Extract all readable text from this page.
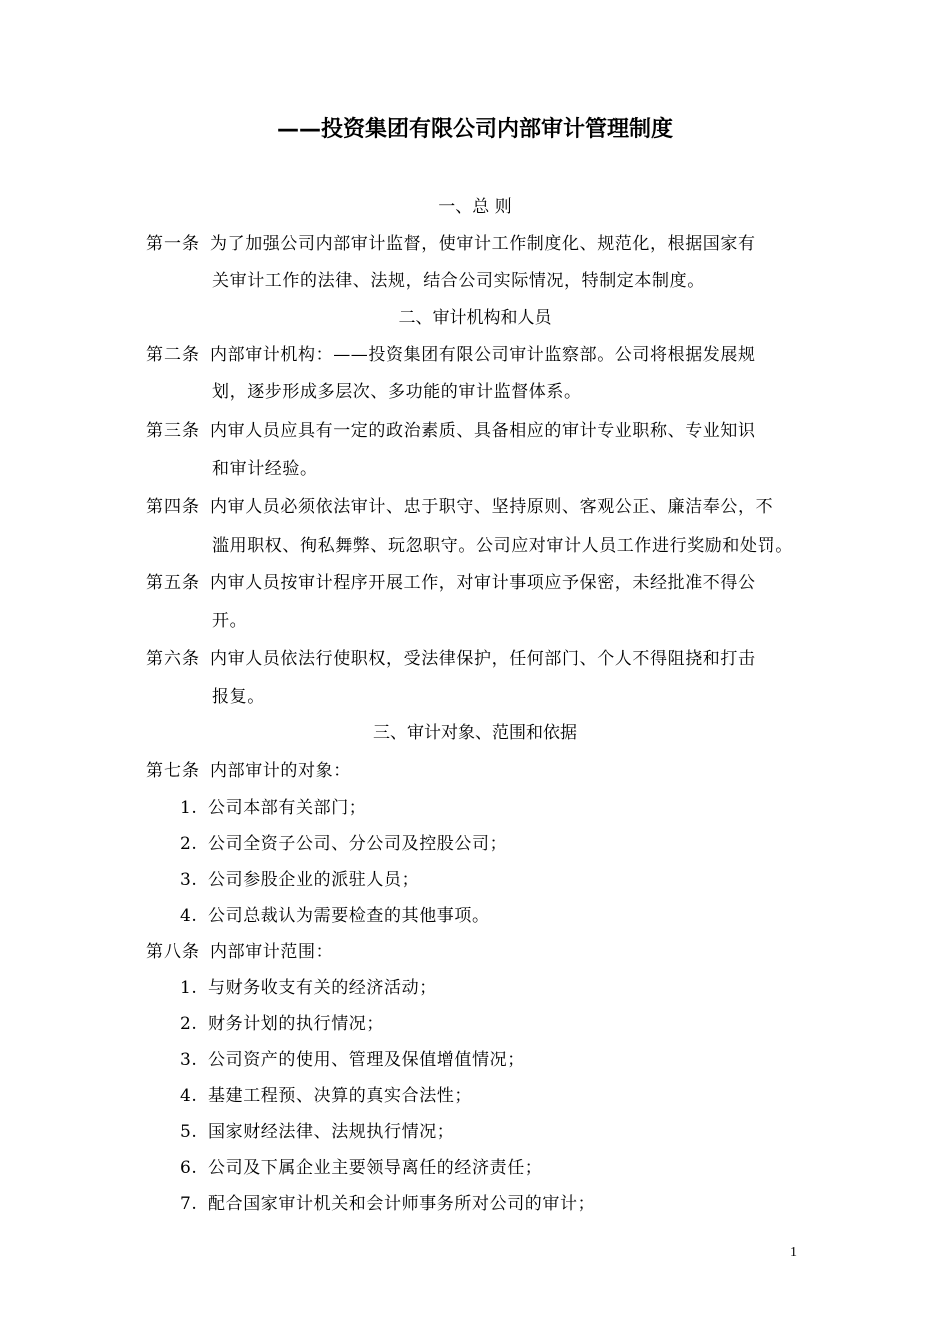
——投资集团有限公司内部审计管理制度
一、总 则
第一条 为了加强公司内部审计监督，使审计工作制度化、规范化，根据国家有
关审计工作的法律、法规，结合公司实际情况，特制定本制度。
二、审计机构和人员
第二条 内部审计机构：——投资集团有限公司审计监察部。公司将根据发展规
划，逐步形成多层次、多功能的审计监督体系。
第三条 内审人员应具有一定的政治素质、具备相应的审计专业职称、专业知识
和审计经验。
第四条 内审人员必须依法审计、忠于职守、坚持原则、客观公正、廉洁奉公，不
滥用职权、徇私舞弊、玩忽职守。公司应对审计人员工作进行奖励和处罚。
第五条 内审人员按审计程序开展工作，对审计事项应予保密，未经批准不得公
开。
第六条 内审人员依法行使职权，受法律保护，任何部门、个人不得阻挠和打击
报复。
三、审计对象、范围和依据
第七条 内部审计的对象：
1. 公司本部有关部门；
2. 公司全资子公司、分公司及控股公司；
3. 公司参股企业的派驻人员；
4. 公司总裁认为需要检查的其他事项。
第八条 内部审计范围：
1. 与财务收支有关的经济活动；
2. 财务计划的执行情况；
3. 公司资产的使用、管理及保值增值情况；
4. 基建工程预、决算的真实合法性；
5. 国家财经法律、法规执行情况；
6. 公司及下属企业主要领导离任的经济责任；
7. 配合国家审计机关和会计师事务所对公司的审计；
1
